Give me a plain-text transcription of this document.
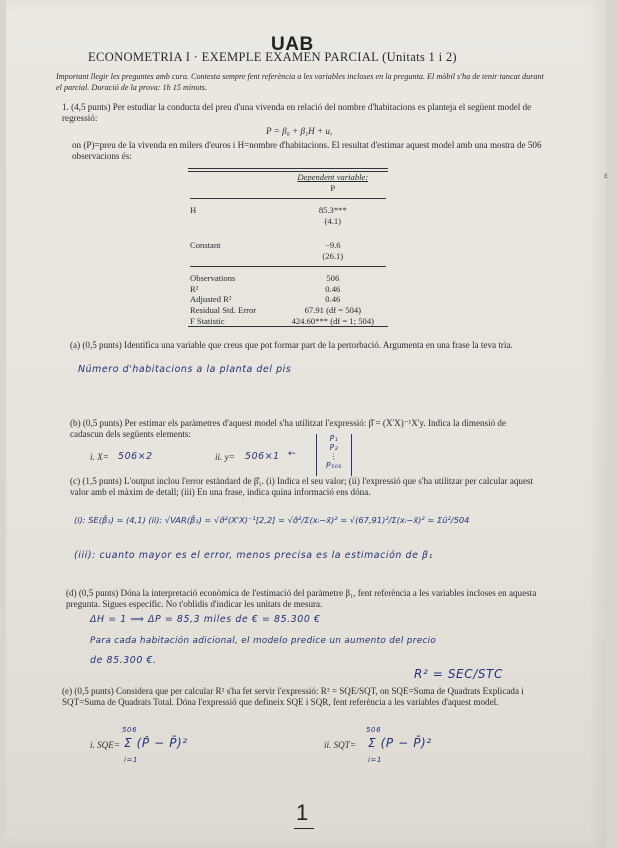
ε
UAB
ECONOMETRIA I · EXEMPLE EXAMEN PARCIAL (Unitats 1 i 2)
Important llegir les preguntes amb cura. Contesta sempre fent referència a les variables incloses en la pregunta. El mòbil s'ha de tenir tancat durant el parcial. Duració de la prova: 1h 15 minuts.
1. (4,5 punts) Per estudiar la conducta del preu d'una vivenda en relació del nombre d'habitacions es planteja el següent model de regressió:
P = β₀ + β₁H + u,
on (P)=preu de la vivenda en milers d'euros i H=nombre d'habitacions. El resultat d'estimar aquest model amb una mostra de 506 observacions és:
	Dependent variable:
	P

H	85.3***
	(4.1)

Constant	−9.6
	(26.1)

Observations	506
R²	0.46
Adjusted R²	0.46
Residual Std. Error	67.91 (df = 504)
F Statistic	424.60*** (df = 1; 504)
(a) (0,5 punts) Identifica una variable que creus que pot formar part de la pertorbació. Argumenta en una frase la teva tria.
Número d'habitacions a la planta del pis
(b) (0,5 punts) Per estimar els paràmetres d'aquest model s'ha utilitzat l'expressió: β̂ = (X'X)⁻¹X'y. Indica la dimensió de cadascun dels següents elements:
i. X= 506×2	ii. y= 506×1 ←
P₁
P₂
⋮
P₅₀₆
(c) (1,5 punts) L'output inclou l'error estàndard de β̂₁. (i) Indica el seu valor; (ii) l'expressió que s'ha utilitzar per calcular aquest valor amb el màxim de detall; (iii) En una frase, indica quina informació ens dóna.
(i): SE(β̂₁) = (4,1) (ii): √VAR(β̂₁) = √σ̂²(X'X)⁻¹[2,2] = √σ̂²/Σ(xᵢ−x̄)² = √(67,91)²/Σ(xᵢ−x̄)² = Σû²/504
(iii): cuanto mayor es el error, menos precisa es la estimación de β₁
(d) (0,5 punts) Dóna la interpretació econòmica de l'estimació del paràmetre β₁, fent referència a les variables incloses en aquesta pregunta. Sigues específic. No t'oblidis d'indicar les unitats de mesura.
ΔH = 1 ⟹ ΔP = 85,3 miles de € = 85.300 €
Para cada habitación adicional, el modelo predice un aumento del precio
de 85.300 €.
R² = SEC/STC
(e) (0,5 punts) Considera que per calcular R² s'ha fet servir l'expressió: R² = SQE/SQT, on SQE=Suma de Quadrats Explicada i SQT=Suma de Quadrats Total. Dóna l'expressió que defineix SQE i SQR, fent referència a les variables d'aquest model.
i. SQE=
506
Σ (P̂ − P̄)²
i=1
ii. SQT=
506
Σ (P − P̄)²
i=1
1
